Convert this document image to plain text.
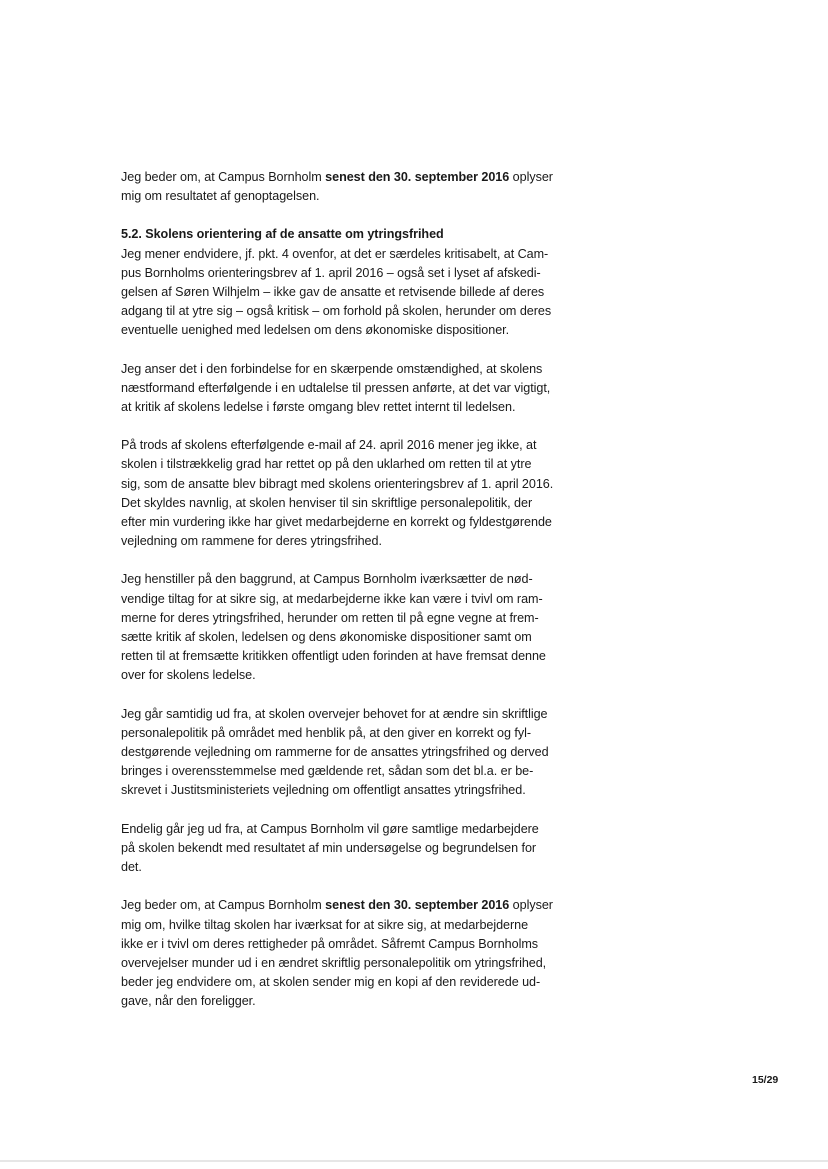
Jeg beder om, at Campus Bornholm senest den 30. september 2016 oplyser
mig om resultatet af genoptagelsen.
5.2. Skolens orientering af de ansatte om ytringsfrihed
Jeg mener endvidere, jf. pkt. 4 ovenfor, at det er særdeles kritisabelt, at Cam-
pus Bornholms orienteringsbrev af 1. april 2016 – også set i lyset af afskedi-
gelsen af Søren Wilhjelm – ikke gav de ansatte et retvisende billede af deres
adgang til at ytre sig – også kritisk – om forhold på skolen, herunder om deres
eventuelle uenighed med ledelsen om dens økonomiske dispositioner.
Jeg anser det i den forbindelse for en skærpende omstændighed, at skolens
næstformand efterfølgende i en udtalelse til pressen anførte, at det var vigtigt,
at kritik af skolens ledelse i første omgang blev rettet internt til ledelsen.
På trods af skolens efterfølgende e-mail af 24. april 2016 mener jeg ikke, at
skolen i tilstrækkelig grad har rettet op på den uklarhed om retten til at ytre
sig, som de ansatte blev bibragt med skolens orienteringsbrev af 1. april 2016.
Det skyldes navnlig, at skolen henviser til sin skriftlige personalepolitik, der
efter min vurdering ikke har givet medarbejderne en korrekt og fyldestgørende
vejledning om rammene for deres ytringsfrihed.
Jeg henstiller på den baggrund, at Campus Bornholm iværksætter de nød-
vendige tiltag for at sikre sig, at medarbejderne ikke kan være i tvivl om ram-
merne for deres ytringsfrihed, herunder om retten til på egne vegne at frem-
sætte kritik af skolen, ledelsen og dens økonomiske dispositioner samt om
retten til at fremsætte kritikken offentligt uden forinden at have fremsat denne
over for skolens ledelse.
Jeg går samtidig ud fra, at skolen overvejer behovet for at ændre sin skriftlige
personalepolitik på området med henblik på, at den giver en korrekt og fyl-
destgørende vejledning om rammerne for de ansattes ytringsfrihed og derved
bringes i overensstemmelse med gældende ret, sådan som det bl.a. er be-
skrevet i Justitsministeriets vejledning om offentligt ansattes ytringsfrihed.
Endelig går jeg ud fra, at Campus Bornholm vil gøre samtlige medarbejdere
på skolen bekendt med resultatet af min undersøgelse og begrundelsen for
det.
Jeg beder om, at Campus Bornholm senest den 30. september 2016 oplyser
mig om, hvilke tiltag skolen har iværksat for at sikre sig, at medarbejderne
ikke er i tvivl om deres rettigheder på området. Såfremt Campus Bornholms
overvejelser munder ud i en ændret skriftlig personalepolitik om ytringsfrihed,
beder jeg endvidere om, at skolen sender mig en kopi af den reviderede ud-
gave, når den foreligger.
15/29
